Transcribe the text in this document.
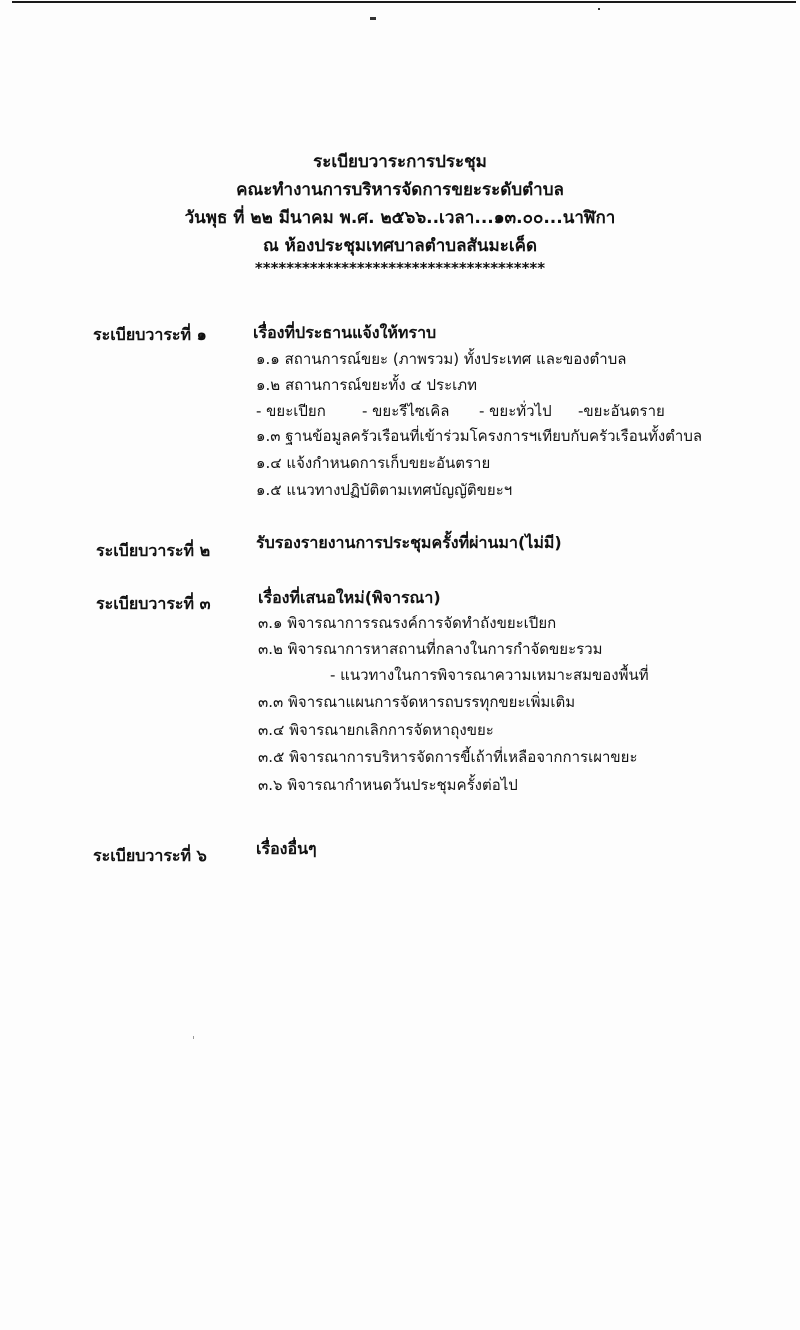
ระเบียบวาระการประชุม
คณะทำงานการบริหารจัดการขยะระดับตำบล
วันพุธ ที่ ๒๒ มีนาคม พ.ศ. ๒๕๖๖..เวลา...๑๓.๐๐...นาฬิกา
ณ ห้องประชุมเทศบาลตำบลสันมะเค็ด
*************************************
ระเบียบวาระที่ ๑	เรื่องที่ประธานแจ้งให้ทราบ
๑.๑ สถานการณ์ขยะ (ภาพรวม) ทั้งประเทศ และของตำบล
๑.๒ สถานการณ์ขยะทั้ง ๔ ประเภท
- ขยะเปียก - ขยะรีไซเคิล - ขยะทั่วไป -ขยะอันตราย
๑.๓ ฐานข้อมูลครัวเรือนที่เข้าร่วมโครงการฯเทียบกับครัวเรือนทั้งตำบล
๑.๔ แจ้งกำหนดการเก็บขยะอันตราย
๑.๕ แนวทางปฏิบัติตามเทศบัญญัติขยะฯ
ระเบียบวาระที่ ๒	รับรองรายงานการประชุมครั้งที่ผ่านมา(ไม่มี)
ระเบียบวาระที่ ๓	เรื่องที่เสนอใหม่(พิจารณา)
๓.๑ พิจารณาการรณรงค์การจัดทำถังขยะเปียก
๓.๒ พิจารณาการหาสถานที่กลางในการกำจัดขยะรวม
- แนวทางในการพิจารณาความเหมาะสมของพื้นที่
๓.๓ พิจารณาแผนการจัดหารถบรรทุกขยะเพิ่มเติม
๓.๔ พิจารณายกเลิกการจัดหาถุงขยะ
๓.๕ พิจารณาการบริหารจัดการขี้เถ้าที่เหลือจากการเผาขยะ
๓.๖ พิจารณากำหนดวันประชุมครั้งต่อไป
ระเบียบวาระที่ ๖	เรื่องอื่นๆ
